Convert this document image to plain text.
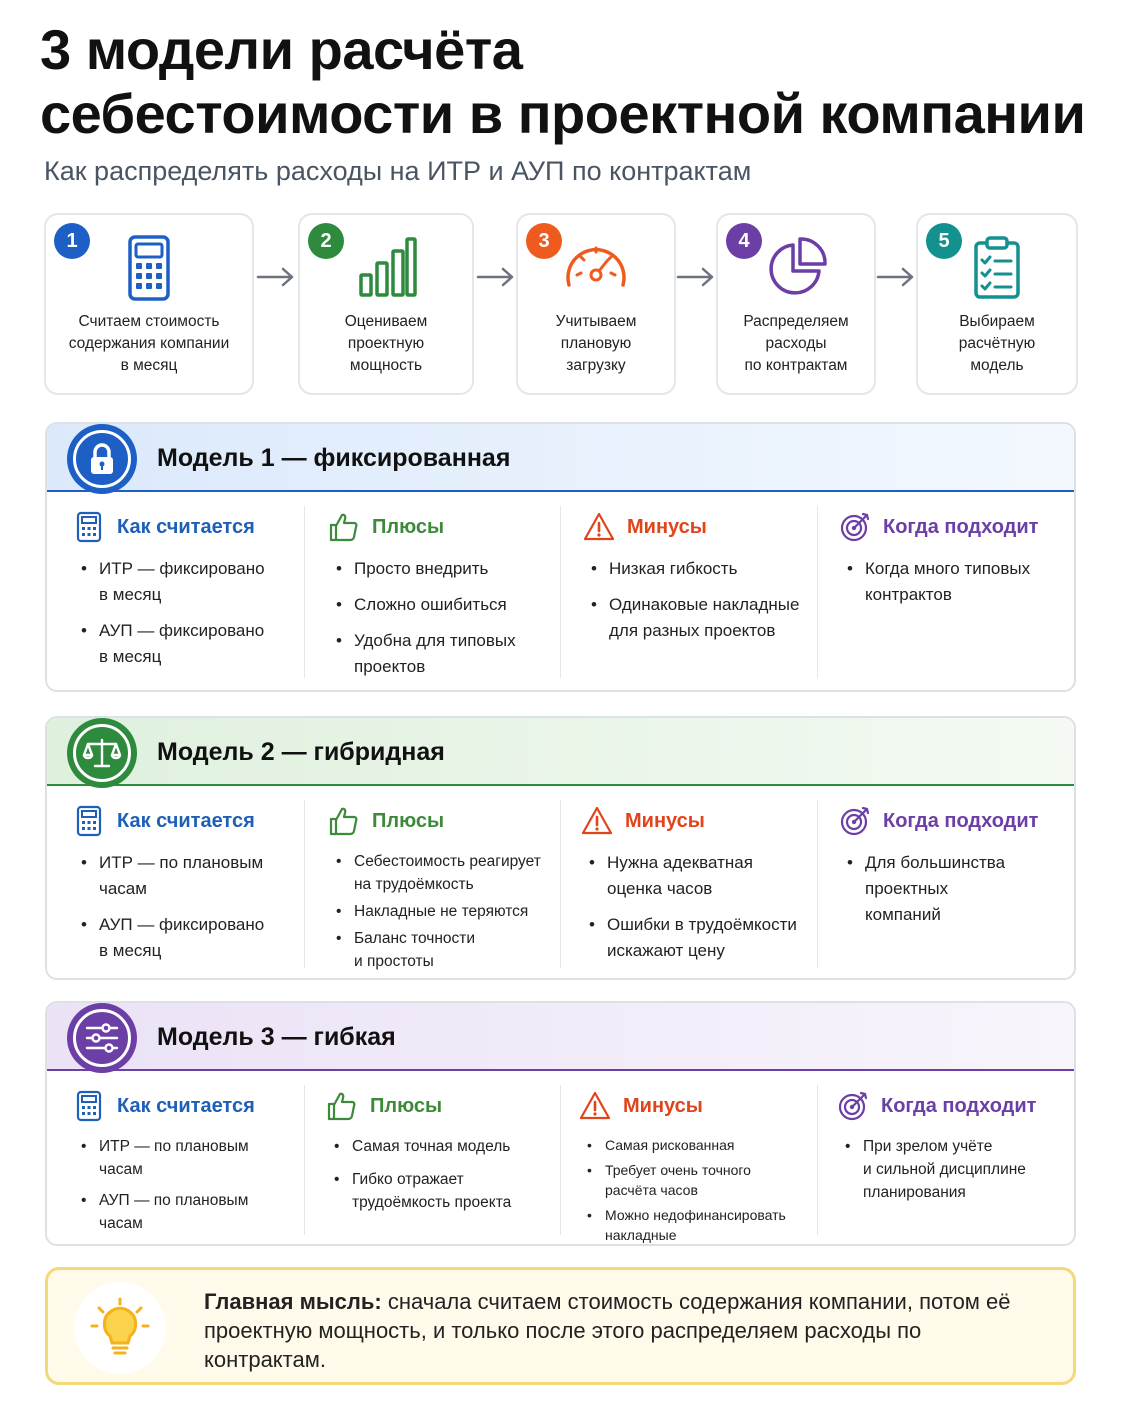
3 модели расчёта
себестоимости в проектной компании
Как распределять расходы на ИТР и АУП по контрактам
1
Считаем стоимость
содержания компании
в месяц
2
Оцениваем
проектную
мощность
3
Учитываем
плановую
загрузку
4
Распределяем
расходы
по контрактам
5
Выбираем
расчётную
модель
Модель 1 — фиксированная
Как считается
• ИТР — фиксировано
в месяц
• АУП — фиксировано
в месяц
Плюсы
• Просто внедрить
• Сложно ошибиться
• Удобна для типовых
проектов
Минусы
• Низкая гибкость
• Одинаковые накладные
для разных проектов
Когда подходит
• Когда много типовых
контрактов
Модель 2 — гибридная
Как считается
• ИТР — по плановым
часам
• АУП — фиксировано
в месяц
Плюсы
• Себестоимость реагирует
на трудоёмкость
• Накладные не теряются
• Баланс точности
и простоты
Минусы
• Нужна адекватная
оценка часов
• Ошибки в трудоёмкости
искажают цену
Когда подходит
• Для большинства
проектных
компаний
Модель 3 — гибкая
Как считается
• ИТР — по плановым
часам
• АУП — по плановым
часам
Плюсы
• Самая точная модель
• Гибко отражает
трудоёмкость проекта
Минусы
• Самая рискованная
• Требует очень точного
расчёта часов
• Можно недофинансировать
накладные
Когда подходит
• При зрелом учёте
и сильной дисциплине
планирования
Главная мысль: сначала считаем стоимость содержания компании, потом её проектную мощность, и только после этого распределяем расходы по контрактам.
